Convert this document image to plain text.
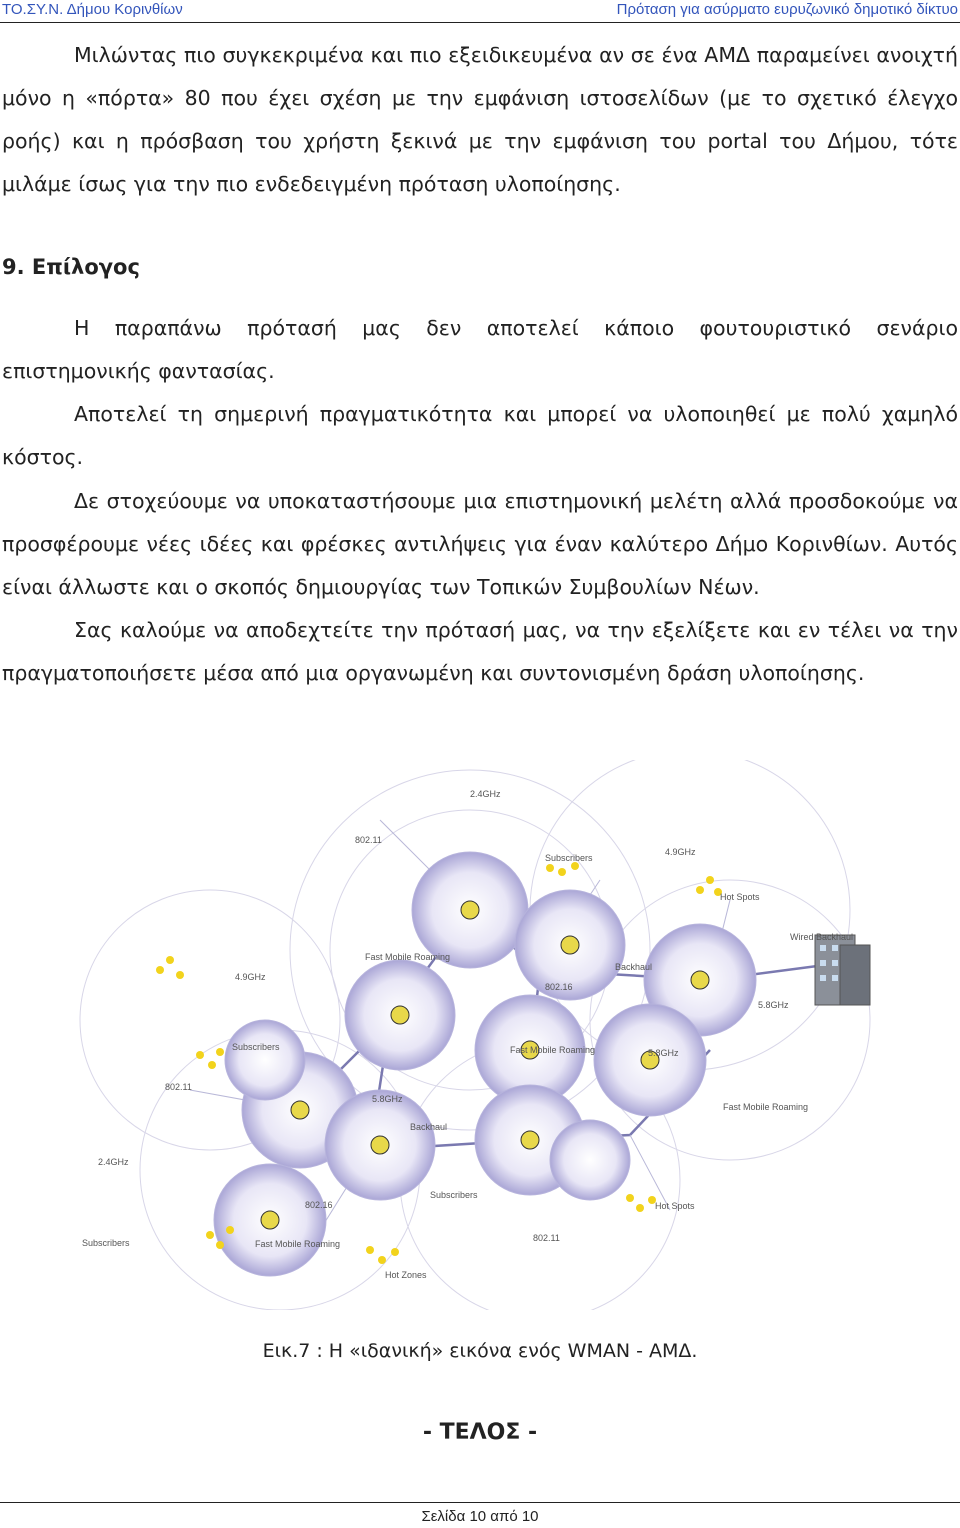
ΤΟ.ΣΥ.Ν. Δήμου Κορινθίων	Πρόταση για ασύρματο ευρυζωνικό δημοτικό δίκτυο

Μιλώντας πιο συγκεκριμένα και πιο εξειδικευμένα αν σε ένα ΑΜΔ παραμείνει ανοιχτή μόνο η «πόρτα» 80 που έχει σχέση με την εμφάνιση ιστοσελίδων (με το σχετικό έλεγχο ροής) και η πρόσβαση του χρήστη ξεκινά με την εμφάνιση του portal του Δήμου, τότε μιλάμε ίσως για την πιο ενδεδειγμένη πρόταση υλοποίησης.

9. Επίλογος

Η παραπάνω πρότασή μας δεν αποτελεί κάποιο φουτουριστικό σενάριο επιστημονικής φαντασίας.

Αποτελεί τη σημερινή πραγματικότητα και μπορεί να υλοποιηθεί με πολύ χαμηλό κόστος.

Δε στοχεύουμε να υποκαταστήσουμε μια επιστημονική μελέτη αλλά προσδοκούμε να προσφέρουμε νέες ιδέες και φρέσκες αντιλήψεις για έναν καλύτερο Δήμο Κορινθίων. Αυτός είναι άλλωστε και ο σκοπός δημιουργίας των Τοπικών Συμβουλίων Νέων.

Σας καλούμε να αποδεχτείτε την πρότασή μας, να την εξελίξετε και εν τέλει να την πραγματοποιήσετε μέσα από μια οργανωμένη και συντονισμένη δράση υλοποίησης.

2.4GHz
802.11
Subscribers
4.9GHz
Hot Spots
Wired Backhaul
Fast Mobile Roaming
4.9GHz
Backhaul
802.16
5.8GHz
Subscribers	Fast Mobile Roaming	5.8GHz
802.11
5.8GHz
Fast Mobile Roaming
Backhaul
2.4GHz
802.16
Subscribers
Hot Spots
Subscribers	Fast Mobile Roaming
802.11
Hot Zones

Εικ.7 : Η «ιδανική» εικόνα ενός WMAN - ΑΜΔ.

- ΤΕΛΟΣ -

Σελίδα 10 από 10
